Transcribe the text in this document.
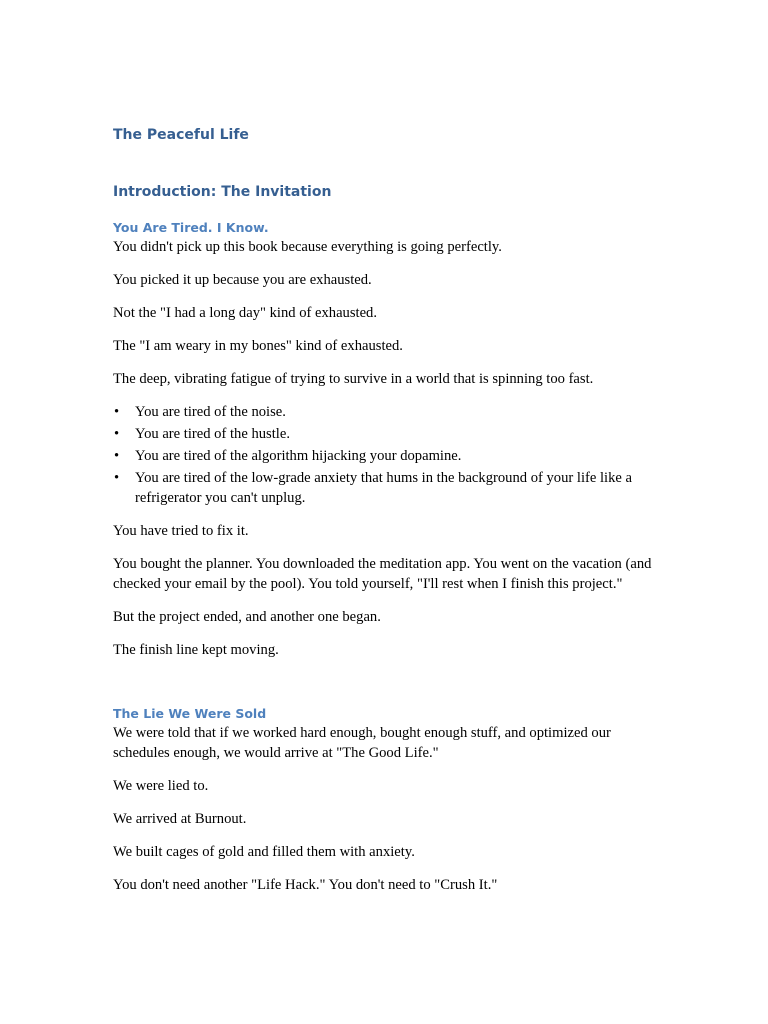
The Peaceful Life
Introduction: The Invitation
You Are Tired. I Know.

You didn't pick up this book because everything is going perfectly.

You picked it up because you are exhausted.

Not the "I had a long day" kind of exhausted.

The "I am weary in my bones" kind of exhausted.

The deep, vibrating fatigue of trying to survive in a world that is spinning too fast.

• You are tired of the noise.
• You are tired of the hustle.
• You are tired of the algorithm hijacking your dopamine.
• You are tired of the low-grade anxiety that hums in the background of your life like a refrigerator you can't unplug.

You have tried to fix it.

You bought the planner. You downloaded the meditation app. You went on the vacation (and checked your email by the pool). You told yourself, "I'll rest when I finish this project."

But the project ended, and another one began.

The finish line kept moving.

The Lie We Were Sold

We were told that if we worked hard enough, bought enough stuff, and optimized our schedules enough, we would arrive at "The Good Life."

We were lied to.

We arrived at Burnout.

We built cages of gold and filled them with anxiety.

You don't need another "Life Hack." You don't need to "Crush It."
